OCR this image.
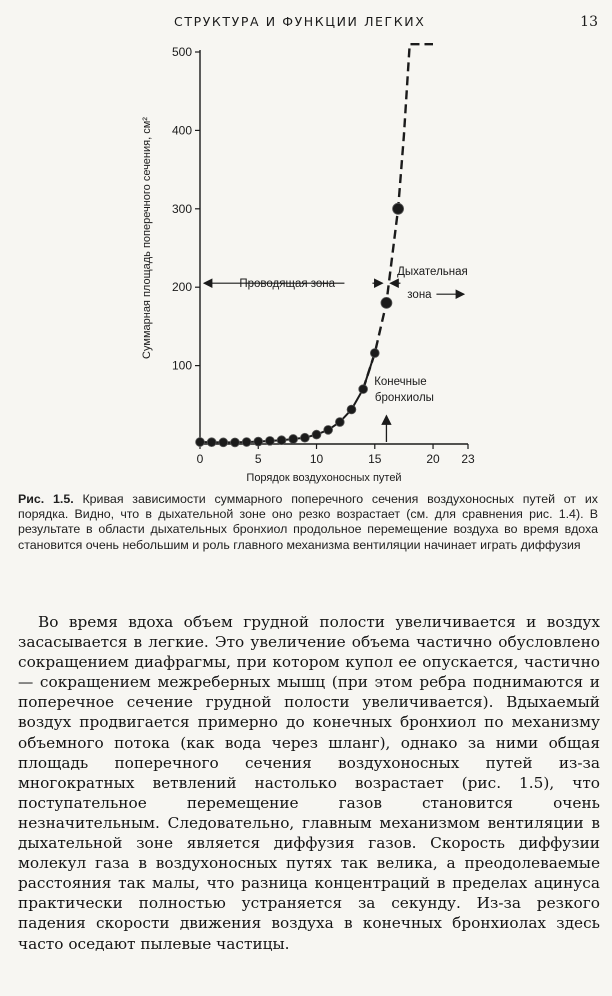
СТРУКТУРА И ФУНКЦИИ ЛЕГКИХ	13
100
200
300
400
500
0	5	10	15	20 23
Проводящая зона
Дыхательная
зона
Конечные
бронхиолы
Суммарная площадь поперечного сечения, см²
Порядок воздухоносных путей
Рис. 1.5. Кривая зависимости суммарного поперечного сечения воздухоносных путей от их порядка. Видно, что в дыхательной зоне оно резко возрастает (см. для сравнения рис. 1.4). В результате в области дыхательных бронхиол продольное перемещение воздуха во время вдоха становится очень небольшим и роль главного механизма вентиляции начинает играть диффузия

Во время вдоха объем грудной полости увеличивается и воздух засасывается в легкие. Это увеличение объема частично обусловлено сокращением диафрагмы, при котором купол ее опускается, частично — сокращением межреберных мышц (при этом ребра поднимаются и поперечное сечение грудной полости увеличивается). Вдыхаемый воздух продвигается примерно до конечных бронхиол по механизму объемного потока (как вода через шланг), однако за ними общая площадь поперечного сечения воздухоносных путей из-за многократных ветвлений настолько возрастает (рис. 1.5), что поступательное перемещение газов становится очень незначительным. Следовательно, главным механизмом вентиляции в дыхательной зоне является диффузия газов. Скорость диффузии молекул газа в воздухоносных путях так велика, а преодолеваемые расстояния так малы, что разница концентраций в пределах ацинуса практически полностью устраняется за секунду. Из-за резкого падения скорости движения воздуха в конечных бронхиолах здесь часто оседают пылевые частицы.
